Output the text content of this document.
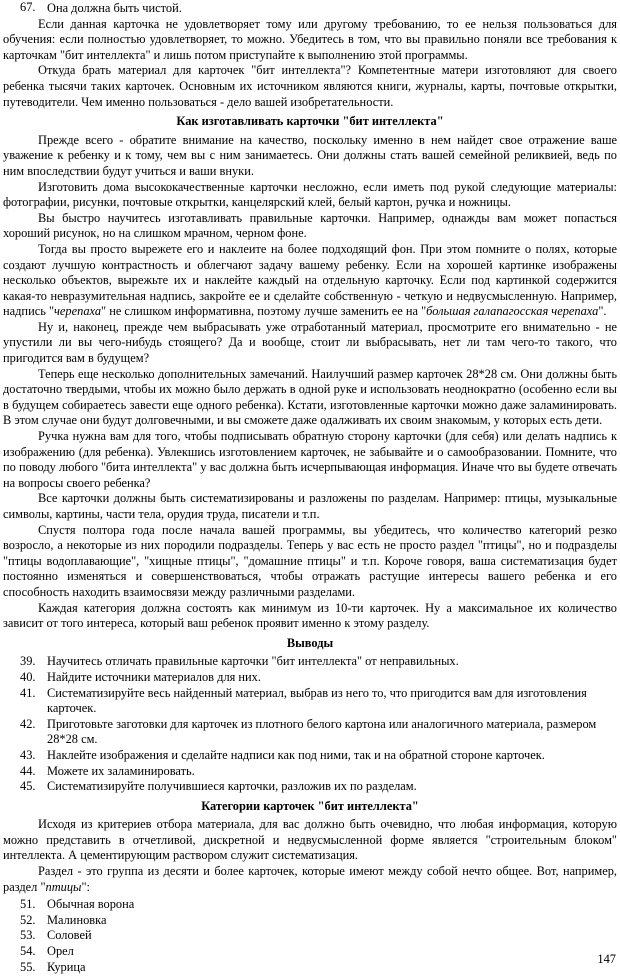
67. Она должна быть чистой.

Если данная карточка не удовлетворяет тому или другому требованию, то ее нельзя пользоваться для обучения: если полностью удовлетворяет, то можно. Убедитесь в том, что вы правильно поняли все требования к карточкам "бит интеллекта" и лишь потом приступайте к выполнению этой программы.

Откуда брать материал для карточек "бит интеллекта"? Компетентные матери изготовляют для своего ребенка тысячи таких карточек. Основным их источником являются книги, журналы, карты, почтовые открытки, путеводители. Чем именно пользоваться - дело вашей изобретательности.

Как изготавливать карточки "бит интеллекта"

Прежде всего - обратите внимание на качество, поскольку именно в нем найдет свое отражение ваше уважение к ребенку и к тому, чем вы с ним занимаетесь. Они должны стать вашей семейной реликвией, ведь по ним впоследствии будут учиться и ваши внуки.

Изготовить дома высококачественные карточки несложно, если иметь под рукой следующие материалы: фотографии, рисунки, почтовые открытки, канцелярский клей, белый картон, ручка и ножницы.

Вы быстро научитесь изготавливать правильные карточки. Например, однажды вам может попасться хороший рисунок, но на слишком мрачном, черном фоне.

Тогда вы просто вырежете его и наклеите на более подходящий фон. При этом помните о полях, которые создают лучшую контрастность и облегчают задачу вашему ребенку. Если на хорошей картинке изображены несколько объектов, вырежьте их и наклейте каждый на отдельную карточку. Если под картинкой содержится какая-то невразумительная надпись, закройте ее и сделайте собственную - четкую и недвусмысленную. Например, надпись "черепаха" не слишком информативна, поэтому лучше заменить ее на "большая галапагосская черепаха".

Ну и, наконец, прежде чем выбрасывать уже отработанный материал, просмотрите его внимательно - не упустили ли вы чего-нибудь стоящего? Да и вообще, стоит ли выбрасывать, нет ли там чего-то такого, что пригодится вам в будущем?

Теперь еще несколько дополнительных замечаний. Наилучший размер карточек 28*28 см. Они должны быть достаточно твердыми, чтобы их можно было держать в одной руке и использовать неоднократно (особенно если вы в будущем собираетесь завести еще одного ребенка). Кстати, изготовленные карточки можно даже заламинировать. В этом случае они будут долговечными, и вы сможете даже одалживать их своим знакомым, у которых есть дети.

Ручка нужна вам для того, чтобы подписывать обратную сторону карточки (для себя) или делать надпись к изображению (для ребенка). Увлекшись изготовлением карточек, не забывайте и о самообразовании. Помните, что по поводу любого "бита интеллекта" у вас должна быть исчерпывающая информация. Иначе что вы будете отвечать на вопросы своего ребенка?

Все карточки должны быть систематизированы и разложены по разделам. Например: птицы, музыкальные символы, картины, части тела, орудия труда, писатели и т.п.

Спустя полтора года после начала вашей программы, вы убедитесь, что количество категорий резко возросло, а некоторые из них породили подразделы. Теперь у вас есть не просто раздел "птицы", но и подразделы "птицы водоплавающие", "хищные птицы", "домашние птицы" и т.п. Короче говоря, ваша систематизация будет постоянно изменяться и совершенствоваться, чтобы отражать растущие интересы вашего ребенка и его способность находить взаимосвязи между различными разделами.

Каждая категория должна состоять как минимум из 10-ти карточек. Ну а максимальное их количество зависит от того интереса, который ваш ребенок проявит именно к этому разделу.

Выводы
39. Научитесь отличать правильные карточки "бит интеллекта" от неправильных.
40. Найдите источники материалов для них.
41. Систематизируйте весь найденный материал, выбрав из него то, что пригодится вам для изготовления карточек.
42. Приготовьте заготовки для карточек из плотного белого картона или аналогичного материала, размером 28*28 см.
43. Наклейте изображения и сделайте надписи как под ними, так и на обратной стороне карточек.
44. Можете их заламинировать.
45. Систематизируйте получившиеся карточки, разложив их по разделам.
Категории карточек "бит интеллекта"

Исходя из критериев отбора материала, для вас должно быть очевидно, что любая информация, которую можно представить в отчетливой, дискретной и недвусмысленной форме является "строительным блоком" интеллекта. А цементирующим раствором служит систематизация.

Раздел - это группа из десяти и более карточек, которые имеют между собой нечто общее. Вот, например, раздел "птицы":

51. Обычная ворона
52. Малиновка
53. Соловей
54. Орел
55. Курица
147
